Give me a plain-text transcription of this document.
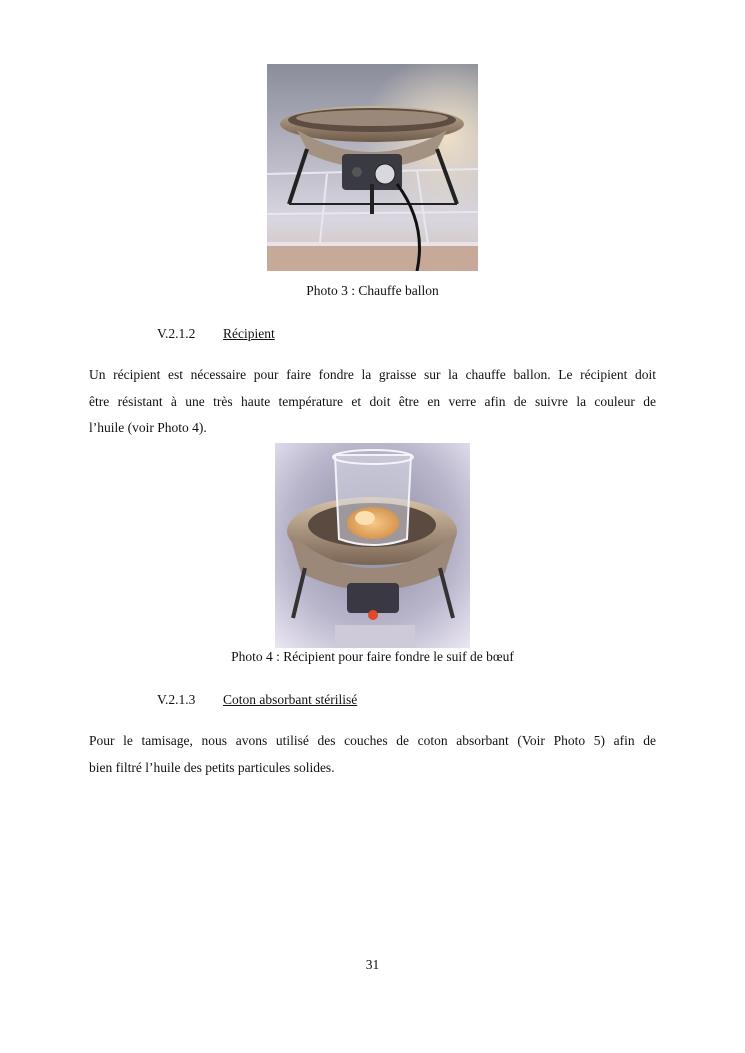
Photo 3 : Chauffe ballon
V.2.1.2 Récipient
Un récipient est nécessaire pour faire fondre la graisse sur la chauffe ballon. Le récipient doit
être résistant à une très haute température et doit être en verre afin de suivre la couleur de
l’huile (voir Photo 4).
Photo 4 : Récipient pour faire fondre le suif de bœuf
V.2.1.3 Coton absorbant stérilisé
Pour le tamisage, nous avons utilisé des couches de coton absorbant (Voir Photo 5) afin de
bien filtré l’huile des petits particules solides.
31
